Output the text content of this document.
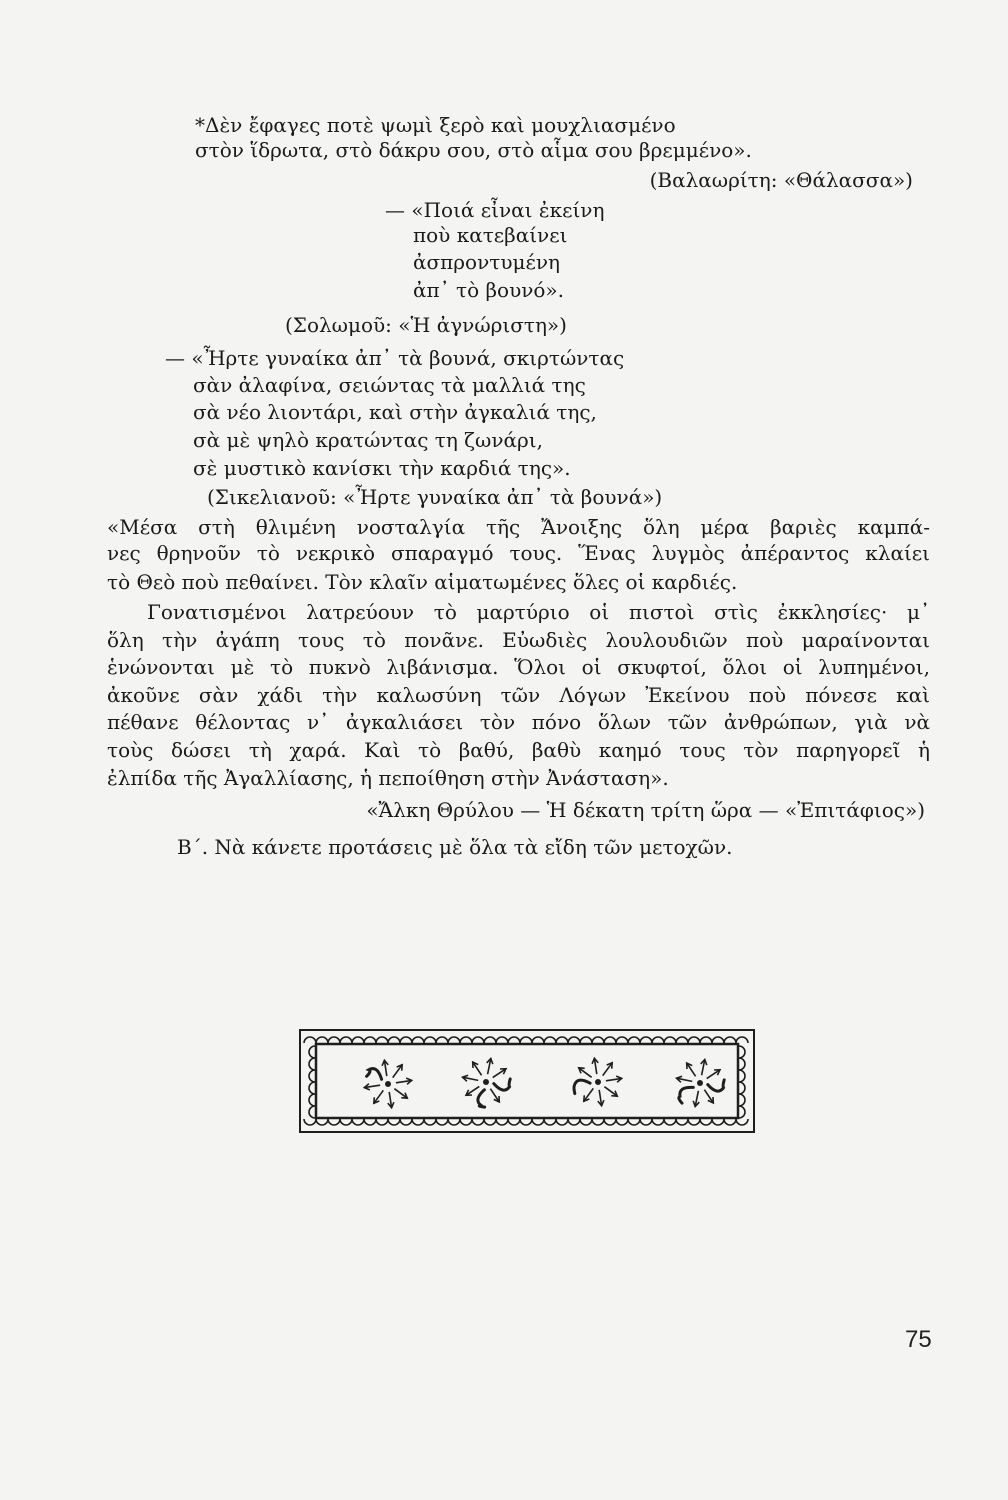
*Δὲν ἔφαγες ποτὲ ψωμὶ ξερὸ καὶ μουχλιασμένο
στὸν ἵδρωτα, στὸ δάκρυ σου, στὸ αἷμα σου βρεμμένο».
(Βαλαωρίτη: «Θάλασσα»)
— «Ποιά εἶναι ἐκείνη
ποὺ κατεβαίνει
ἀσπροντυμένη
ἀπ᾽ τὸ βουνό».
(Σολωμοῦ: «Ἡ ἀγνώριστη»)
— «Ἦρτε γυναίκα ἀπ᾽ τὰ βουνά, σκιρτώντας
σὰν ἀλαφίνα, σειώντας τὰ μαλλιά της
σὰ νέο λιοντάρι, καὶ στὴν ἀγκαλιά της,
σὰ μὲ ψηλὸ κρατώντας τη ζωνάρι,
σὲ μυστικὸ κανίσκι τὴν καρδιά της».
(Σικελιανοῦ: «Ἦρτε γυναίκα ἀπ᾽ τὰ βουνά»)
«Μέσα στὴ θλιμένη νοσταλγία τῆς Ἄνοιξης ὅλη μέρα βαριὲς καμπά-
νες θρηνοῦν τὸ νεκρικὸ σπαραγμό τους. Ἕνας λυγμὸς ἀπέραντος κλαίει
τὸ Θεὸ ποὺ πεθαίνει. Τὸν κλαῖν αἱματωμένες ὅλες οἱ καρδιές.
Γονατισμένοι λατρεύουν τὸ μαρτύριο οἱ πιστοὶ στὶς ἐκκλησίες· μ᾽
ὅλη τὴν ἀγάπη τους τὸ πονᾶνε. Εὐωδιὲς λουλουδιῶν ποὺ μαραίνονται
ἑνώνονται μὲ τὸ πυκνὸ λιβάνισμα. Ὅλοι οἱ σκυφτοί, ὅλοι οἱ λυπημένοι,
ἀκοῦνε σὰν χάδι τὴν καλωσύνη τῶν Λόγων Ἐκείνου ποὺ πόνεσε καὶ
πέθανε θέλοντας ν᾽ ἀγκαλιάσει τὸν πόνο ὅλων τῶν ἀνθρώπων, γιὰ νὰ
τοὺς δώσει τὴ χαρά. Καὶ τὸ βαθύ, βαθὺ καημό τους τὸν παρηγορεῖ ἡ
ἐλπίδα τῆς Ἀγαλλίασης, ἡ πεποίθηση στὴν Ἀνάσταση».
«Ἄλκη Θρύλου — Ἡ δέκατη τρίτη ὥρα — «Ἐπιτάφιος»)
Β΄. Νὰ κάνετε προτάσεις μὲ ὅλα τὰ εἴδη τῶν μετοχῶν.
75
